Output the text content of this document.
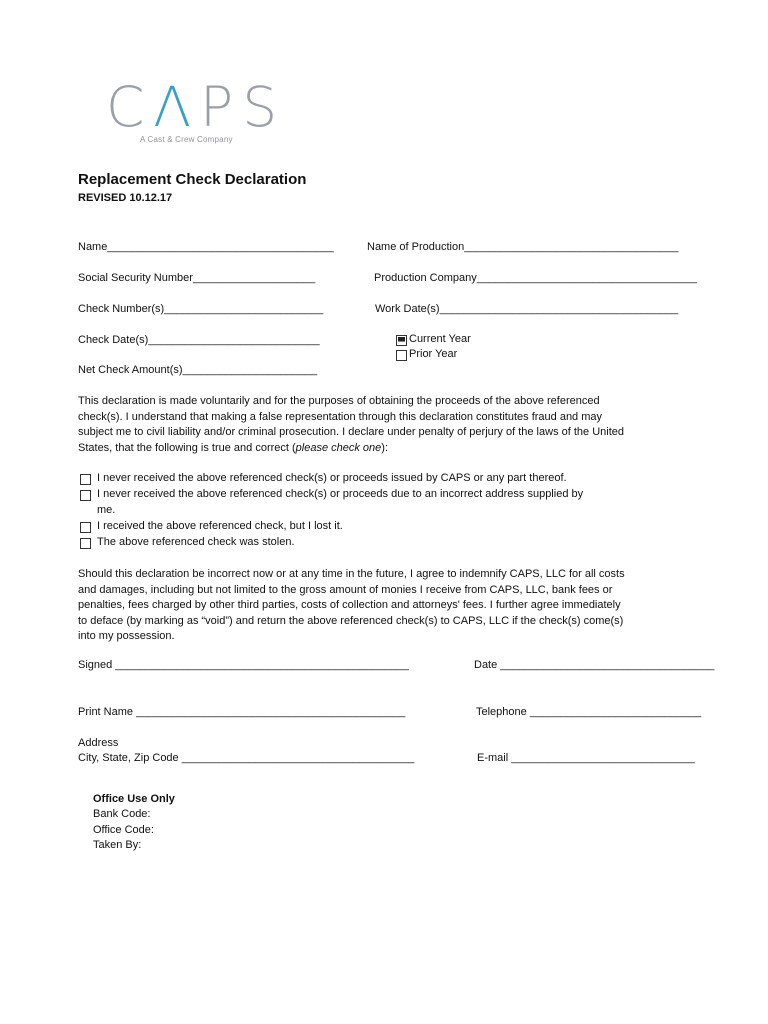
CΛPS
A Cast & Crew Company
Replacement Check Declaration
REVISED 10.12.17
Name_____________________________________	Name of Production___________________________________
Social Security Number____________________	Production Company____________________________________
Check Number(s)__________________________	Work Date(s)_______________________________________
Check Date(s)____________________________
Net Check Amount(s)______________________
Current Year
Prior Year
This declaration is made voluntarily and for the purposes of obtaining the proceeds of the above referenced check(s). I understand that making a false representation through this declaration constitutes fraud and may subject me to civil liability and/or criminal prosecution. I declare under penalty of perjury of the laws of the United States, that the following is true and correct (please check one):
I never received the above referenced check(s) or proceeds issued by CAPS or any part thereof.
I never received the above referenced check(s) or proceeds due to an incorrect address supplied by
me.
I received the above referenced check, but I lost it.
The above referenced check was stolen.
Should this declaration be incorrect now or at any time in the future, I agree to indemnify CAPS, LLC for all costs and damages, including but not limited to the gross amount of monies I receive from CAPS, LLC, bank fees or penalties, fees charged by other third parties, costs of collection and attorneys' fees. I further agree immediately to deface (by marking as “void”) and return the above referenced check(s) to CAPS, LLC if the check(s) come(s) into my possession.
Signed ________________________________________________	Date ___________________________________
Print Name ____________________________________________	Telephone ____________________________
Address
City, State, Zip Code ______________________________________	E-mail ______________________________
Office Use Only
Bank Code:
Office Code:
Taken By:
